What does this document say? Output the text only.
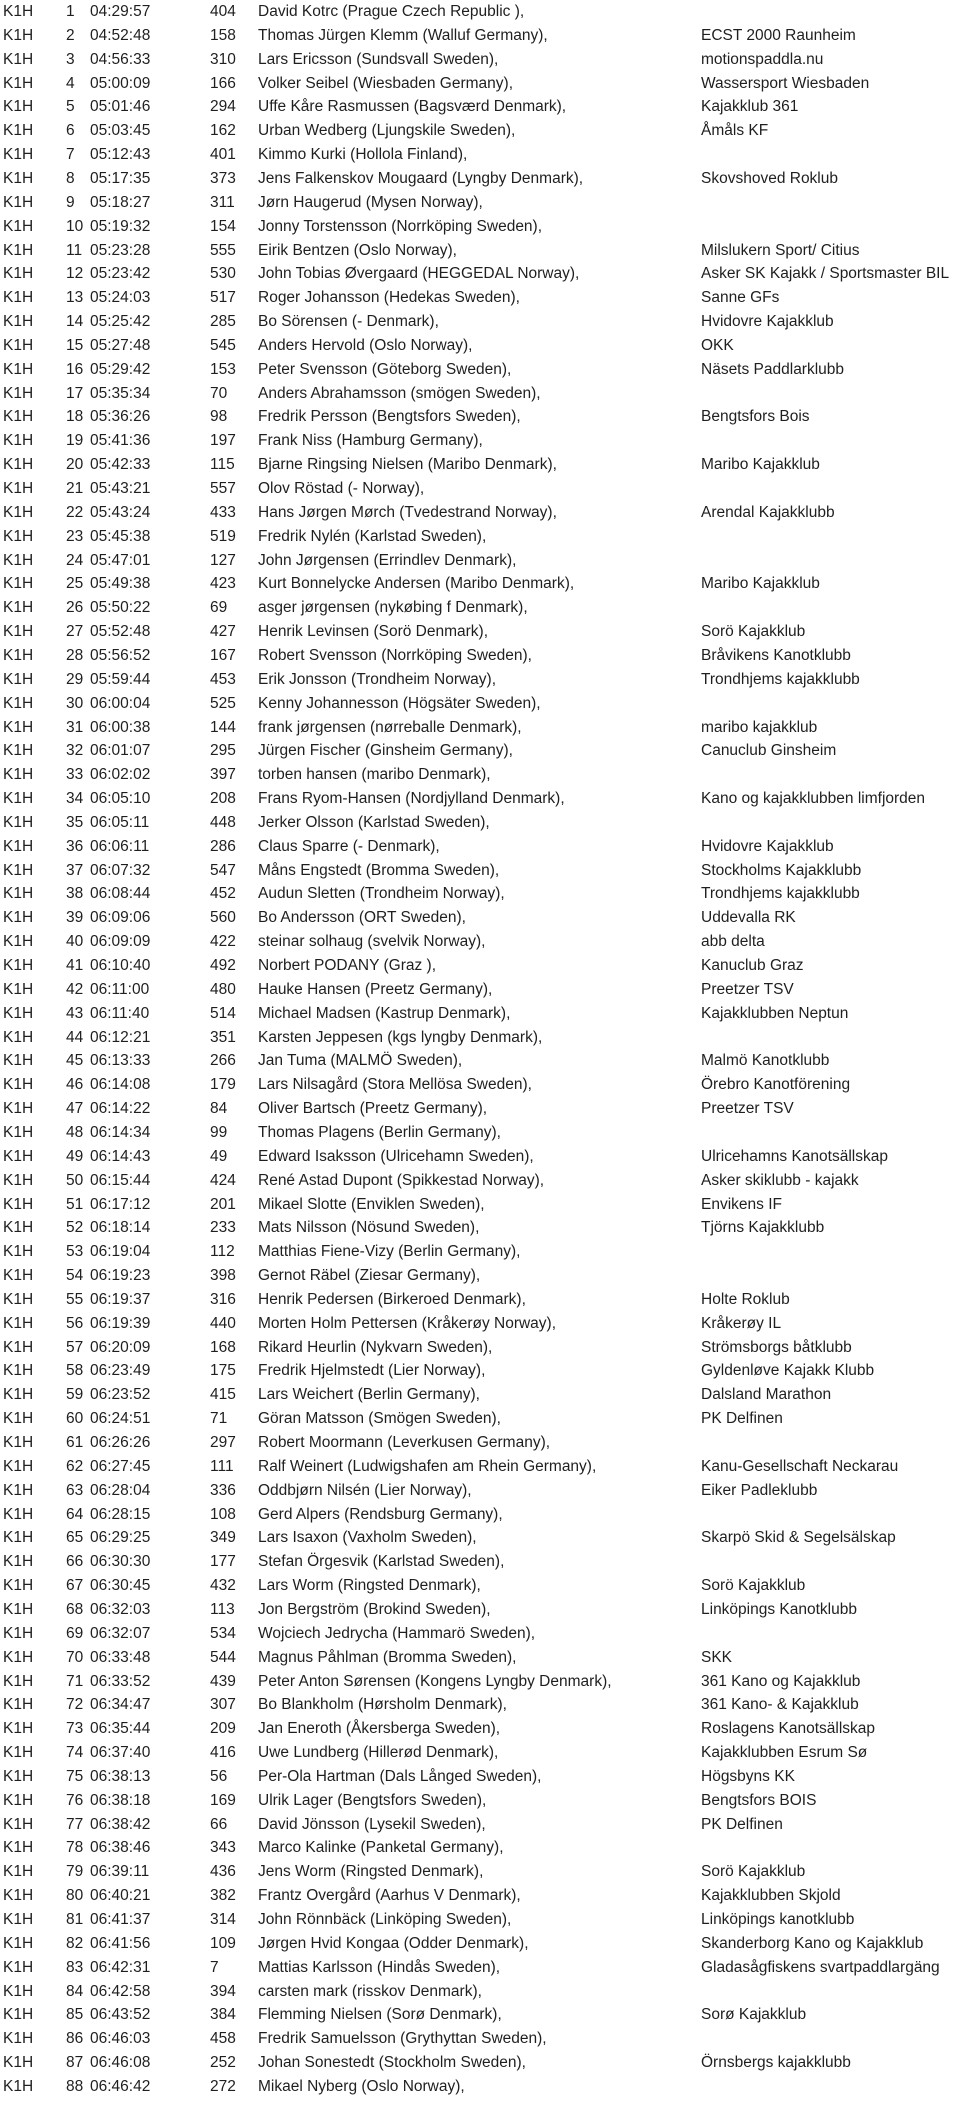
K1H 1 04:29:57	404 David Kotrc (Prague Czech Republic ),
K1H 2 04:52:48	158 Thomas Jürgen Klemm (Walluf Germany),	ECST 2000 Raunheim
K1H 3 04:56:33	310 Lars Ericsson (Sundsvall Sweden),	motionspaddla.nu
K1H 4 05:00:09	166 Volker Seibel (Wiesbaden Germany),	Wassersport Wiesbaden
K1H 5 05:01:46	294 Uffe Kåre Rasmussen (Bagsværd Denmark),	Kajakklub 361
K1H 6 05:03:45	162 Urban Wedberg (Ljungskile Sweden),	Åmåls KF
K1H 7 05:12:43	401 Kimmo Kurki (Hollola Finland),
K1H 8 05:17:35	373 Jens Falkenskov Mougaard (Lyngby Denmark),	Skovshoved Roklub
K1H 9 05:18:27	311 Jørn Haugerud (Mysen Norway),
K1H 10 05:19:32	154 Jonny Torstensson (Norrköping Sweden),
K1H 11 05:23:28	555 Eirik Bentzen (Oslo Norway),	Milslukern Sport/ Citius
K1H 12 05:23:42	530 John Tobias Øvergaard (HEGGEDAL Norway),	Asker SK Kajakk / Sportsmaster BIL
K1H 13 05:24:03	517 Roger Johansson (Hedekas Sweden),	Sanne GFs
K1H 14 05:25:42	285 Bo Sörensen (- Denmark),	Hvidovre Kajakklub
K1H 15 05:27:48	545 Anders Hervold (Oslo Norway),	OKK
K1H 16 05:29:42	153 Peter Svensson (Göteborg Sweden),	Näsets Paddlarklubb
K1H 17 05:35:34	70 Anders Abrahamsson (smögen Sweden),
K1H 18 05:36:26	98 Fredrik Persson (Bengtsfors Sweden),	Bengtsfors Bois
K1H 19 05:41:36	197 Frank Niss (Hamburg Germany),
K1H 20 05:42:33	115 Bjarne Ringsing Nielsen (Maribo Denmark),	Maribo Kajakklub
K1H 21 05:43:21	557 Olov Röstad (- Norway),
K1H 22 05:43:24	433 Hans Jørgen Mørch (Tvedestrand Norway),	Arendal Kajakklubb
K1H 23 05:45:38	519 Fredrik Nylén (Karlstad Sweden),
K1H 24 05:47:01	127 John Jørgensen (Errindlev Denmark),
K1H 25 05:49:38	423 Kurt Bonnelycke Andersen (Maribo Denmark),	Maribo Kajakklub
K1H 26 05:50:22	69 asger jørgensen (nykøbing f Denmark),
K1H 27 05:52:48	427 Henrik Levinsen (Sorö Denmark),	Sorö Kajakklub
K1H 28 05:56:52	167 Robert Svensson (Norrköping Sweden),	Bråvikens Kanotklubb
K1H 29 05:59:44	453 Erik Jonsson (Trondheim Norway),	Trondhjems kajakklubb
K1H 30 06:00:04	525 Kenny Johannesson (Högsäter Sweden),
K1H 31 06:00:38	144 frank jørgensen (nørreballe Denmark),	maribo kajakklub
K1H 32 06:01:07	295 Jürgen Fischer (Ginsheim Germany),	Canuclub Ginsheim
K1H 33 06:02:02	397 torben hansen (maribo Denmark),
K1H 34 06:05:10	208 Frans Ryom-Hansen (Nordjylland Denmark),	Kano og kajakklubben limfjorden
K1H 35 06:05:11	448 Jerker Olsson (Karlstad Sweden),
K1H 36 06:06:11	286 Claus Sparre (- Denmark),	Hvidovre Kajakklub
K1H 37 06:07:32	547 Måns Engstedt (Bromma Sweden),	Stockholms Kajakklubb
K1H 38 06:08:44	452 Audun Sletten (Trondheim Norway),	Trondhjems kajakklubb
K1H 39 06:09:06	560 Bo Andersson (ORT Sweden),	Uddevalla RK
K1H 40 06:09:09	422 steinar solhaug (svelvik Norway),	abb delta
K1H 41 06:10:40	492 Norbert PODANY (Graz ),	Kanuclub Graz
K1H 42 06:11:00	480 Hauke Hansen (Preetz Germany),	Preetzer TSV
K1H 43 06:11:40	514 Michael Madsen (Kastrup Denmark),	Kajakklubben Neptun
K1H 44 06:12:21	351 Karsten Jeppesen (kgs lyngby Denmark),
K1H 45 06:13:33	266 Jan Tuma (MALMÖ Sweden),	Malmö Kanotklubb
K1H 46 06:14:08	179 Lars Nilsagård (Stora Mellösa Sweden),	Örebro Kanotförening
K1H 47 06:14:22	84 Oliver Bartsch (Preetz Germany),	Preetzer TSV
K1H 48 06:14:34	99 Thomas Plagens (Berlin Germany),
K1H 49 06:14:43	49 Edward Isaksson (Ulricehamn Sweden),	Ulricehamns Kanotsällskap
K1H 50 06:15:44	424 René Astad Dupont (Spikkestad Norway),	Asker skiklubb - kajakk
K1H 51 06:17:12	201 Mikael Slotte (Enviklen Sweden),	Envikens IF
K1H 52 06:18:14	233 Mats Nilsson (Nösund Sweden),	Tjörns Kajakklubb
K1H 53 06:19:04	112 Matthias Fiene-Vizy (Berlin Germany),
K1H 54 06:19:23	398 Gernot Räbel (Ziesar Germany),
K1H 55 06:19:37	316 Henrik Pedersen (Birkeroed Denmark),	Holte Roklub
K1H 56 06:19:39	440 Morten Holm Pettersen (Kråkerøy Norway),	Kråkerøy IL
K1H 57 06:20:09	168 Rikard Heurlin (Nykvarn Sweden),	Strömsborgs båtklubb
K1H 58 06:23:49	175 Fredrik Hjelmstedt (Lier Norway),	Gyldenløve Kajakk Klubb
K1H 59 06:23:52	415 Lars Weichert (Berlin Germany),	Dalsland Marathon
K1H 60 06:24:51	71 Göran Matsson (Smögen Sweden),	PK Delfinen
K1H 61 06:26:26	297 Robert Moormann (Leverkusen Germany),
K1H 62 06:27:45	111 Ralf Weinert (Ludwigshafen am Rhein Germany),	Kanu-Gesellschaft Neckarau
K1H 63 06:28:04	336 Oddbjørn Nilsén (Lier Norway),	Eiker Padleklubb
K1H 64 06:28:15	108 Gerd Alpers (Rendsburg Germany),
K1H 65 06:29:25	349 Lars Isaxon (Vaxholm Sweden),	Skarpö Skid & Segelsälskap
K1H 66 06:30:30	177 Stefan Örgesvik (Karlstad Sweden),
K1H 67 06:30:45	432 Lars Worm (Ringsted Denmark),	Sorö Kajakklub
K1H 68 06:32:03	113 Jon Bergström (Brokind Sweden),	Linköpings Kanotklubb
K1H 69 06:32:07	534 Wojciech Jedrycha (Hammarö Sweden),
K1H 70 06:33:48	544 Magnus Påhlman (Bromma Sweden),	SKK
K1H 71 06:33:52	439 Peter Anton Sørensen (Kongens Lyngby Denmark),	361 Kano og Kajakklub
K1H 72 06:34:47	307 Bo Blankholm (Hørsholm Denmark),	361 Kano- & Kajakklub
K1H 73 06:35:44	209 Jan Eneroth (Åkersberga Sweden),	Roslagens Kanotsällskap
K1H 74 06:37:40	416 Uwe Lundberg (Hillerød Denmark),	Kajakklubben Esrum Sø
K1H 75 06:38:13	56 Per-Ola Hartman (Dals Långed Sweden),	Högsbyns KK
K1H 76 06:38:18	169 Ulrik Lager (Bengtsfors Sweden),	Bengtsfors BOIS
K1H 77 06:38:42	66 David Jönsson (Lysekil Sweden),	PK Delfinen
K1H 78 06:38:46	343 Marco Kalinke (Panketal Germany),
K1H 79 06:39:11	436 Jens Worm (Ringsted Denmark),	Sorö Kajakklub
K1H 80 06:40:21	382 Frantz Overgård (Aarhus V Denmark),	Kajakklubben Skjold
K1H 81 06:41:37	314 John Rönnbäck (Linköping Sweden),	Linköpings kanotklubb
K1H 82 06:41:56	109 Jørgen Hvid Kongaa (Odder Denmark),	Skanderborg Kano og Kajakklub
K1H 83 06:42:31	7	Mattias Karlsson (Hindås Sweden),	Gladasågfiskens svartpaddlargäng
K1H 84 06:42:58	394 carsten mark (risskov Denmark),
K1H 85 06:43:52	384 Flemming Nielsen (Sorø Denmark),	Sorø Kajakklub
K1H 86 06:46:03	458 Fredrik Samuelsson (Grythyttan Sweden),
K1H 87 06:46:08	252 Johan Sonestedt (Stockholm Sweden),	Örnsbergs kajakklubb
K1H 88 06:46:42	272 Mikael Nyberg (Oslo Norway),
